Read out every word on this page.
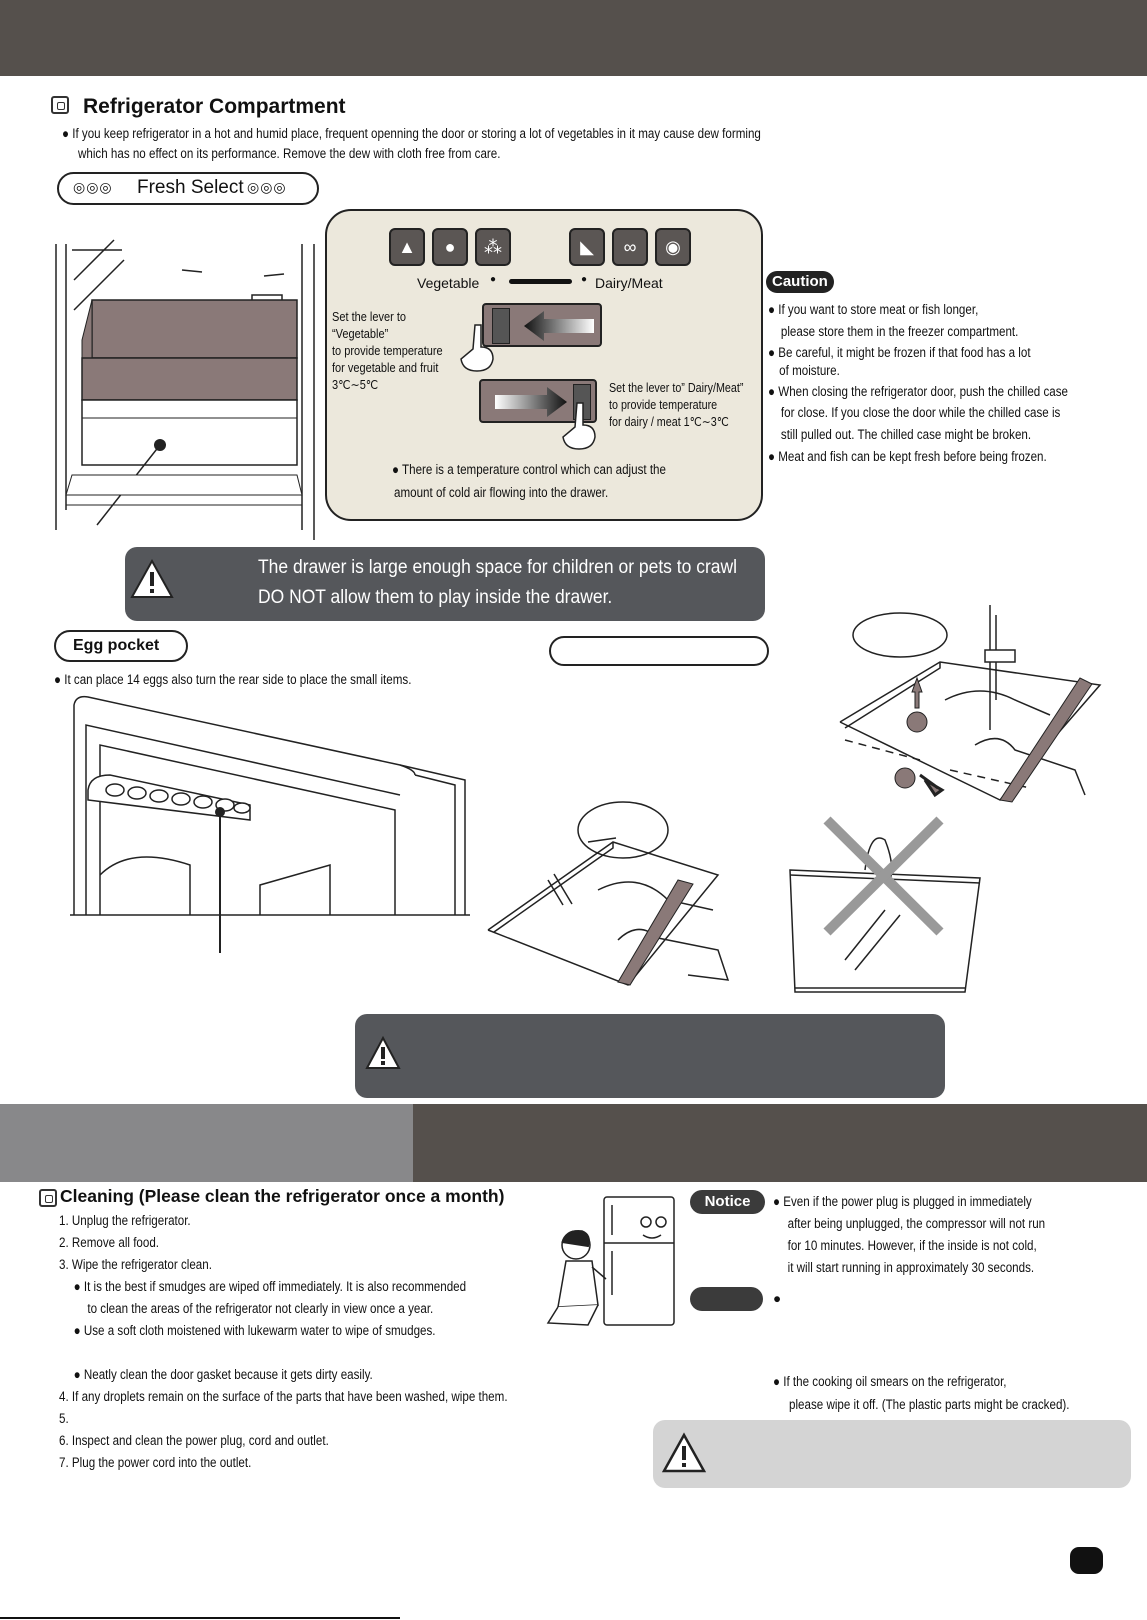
Refrigerator Compartment
● If you keep refrigerator in a hot and humid place, frequent openning the door or storing a lot of vegetables in it may cause dew forming
which has no effect on its performance. Remove the dew with cloth free from care.
◎◎◎ Fresh Select ◎◎◎
▲	●	⁂	◣	∞	◉
Vegetable ●	● Dairy/Meat
Set the lever to “Vegetable”
to provide temperature
for vegetable and fruit
3℃∼5℃	Set the lever to” Dairy/Meat”
to provide temperature
for dairy / meat 1℃∼3℃
● There is a temperature control which can adjust the
amount of cold air flowing into the drawer.
Caution
● If you want to store meat or fish longer,
please store them in the freezer compartment.
● Be careful, it might be frozen if that food has a lot
of moisture.
● When closing the refrigerator door, push the chilled case
for close. If you close the door while the chilled case is
still pulled out. The chilled case might be broken.
● Meat and fish can be kept fresh before being frozen.
The drawer is large enough space for children or pets to crawl
DO NOT allow them to play inside the drawer.
Egg pocket
● It can place 14 eggs also turn the rear side to place the small items.
Cleaning (Please clean the refrigerator once a month)
1. Unplug the refrigerator.
2. Remove all food.
3. Wipe the refrigerator clean.
● It is the best if smudges are wiped off immediately. It is also recommended
to clean the areas of the refrigerator not clearly in view once a year.
● Use a soft cloth moistened with lukewarm water to wipe of smudges.
● Neatly clean the door gasket because it gets dirty easily.
4. If any droplets remain on the surface of the parts that have been washed, wipe them.
5.
6. Inspect and clean the power plug, cord and outlet.
7. Plug the power cord into the outlet.
Notice	● Even if the power plug is plugged in immediately
after being unplugged, the compressor will not run
for 10 minutes. However, if the inside is not cold,
it will start running in approximately 30 seconds.
●
● If the cooking oil smears on the refrigerator,
please wipe it off. (The plastic parts might be cracked).
